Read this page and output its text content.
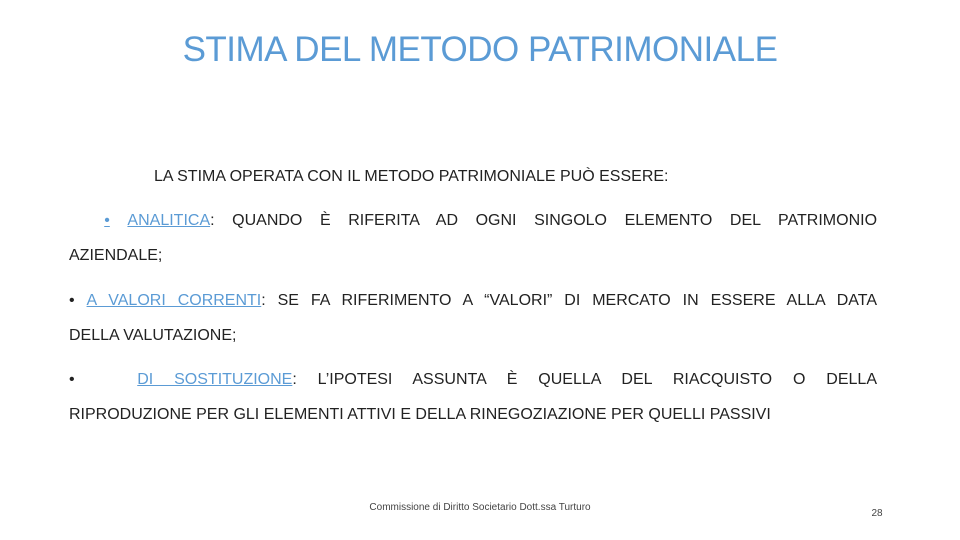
STIMA DEL METODO PATRIMONIALE
LA STIMA OPERATA CON IL METODO PATRIMONIALE PUÒ ESSERE:
• ANALITICA: QUANDO È RIFERITA AD OGNI SINGOLO ELEMENTO DEL PATRIMONIO
AZIENDALE;
• A VALORI CORRENTI: SE FA RIFERIMENTO A “VALORI” DI MERCATO IN ESSERE ALLA DATA
DELLA VALUTAZIONE;
•	DI SOSTITUZIONE: L’IPOTESI ASSUNTA È QUELLA DEL RIACQUISTO O DELLA
RIPRODUZIONE PER GLI ELEMENTI ATTIVI E DELLA RINEGOZIAZIONE PER QUELLI PASSIVI
Commissione di Diritto Societario Dott.ssa Turturo
28
